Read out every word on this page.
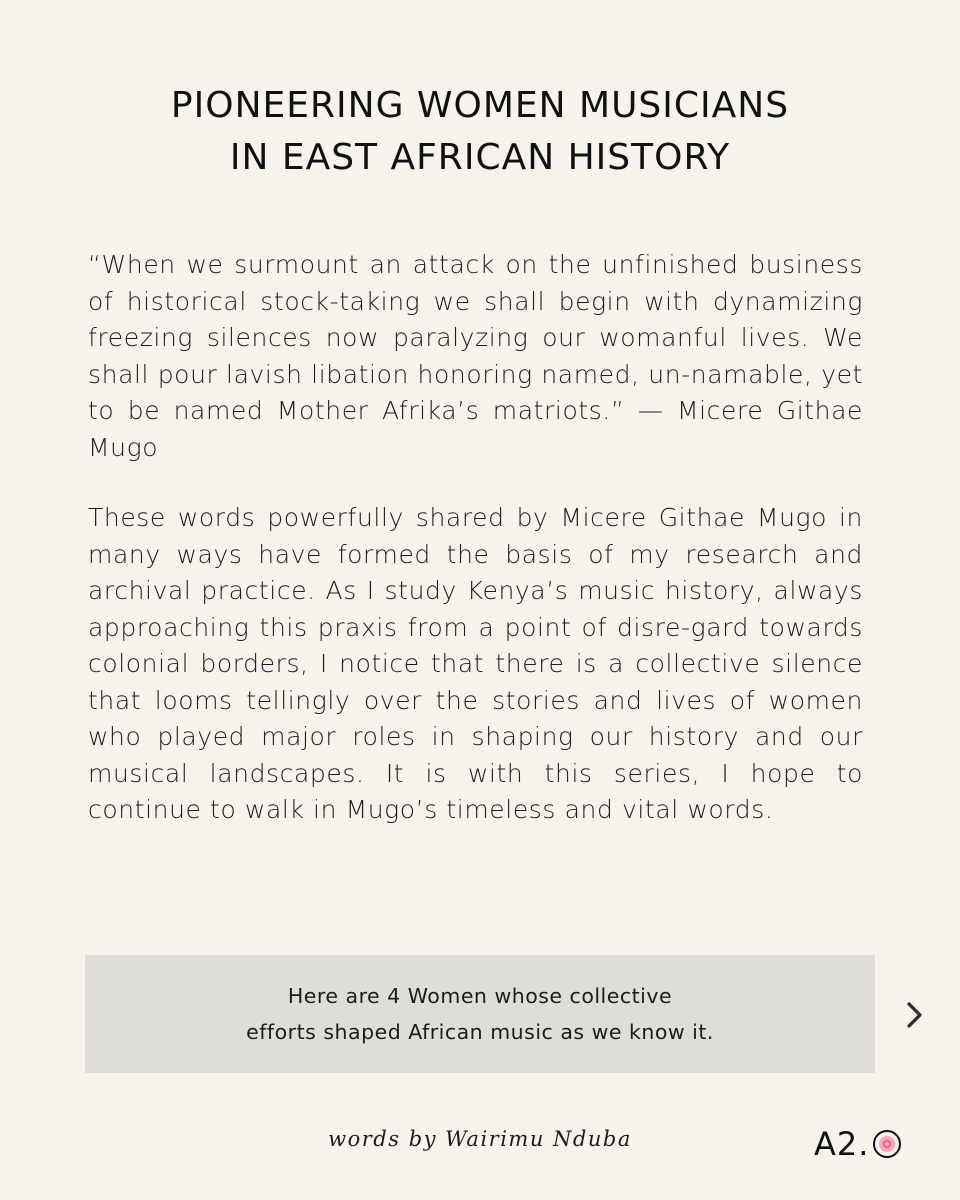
PIONEERING WOMEN MUSICIANS
IN EAST AFRICAN HISTORY
“When we surmount an attack on the unfinished business of historical stock-taking we shall begin with dynamizing freezing silences now paralyzing our womanful lives. We shall pour lavish libation honoring named, un-namable, yet to be named Mother Afrika’s matriots.” — Micere Githae Mugo
These words powerfully shared by Micere Githae Mugo in many ways have formed the basis of my research and archival practice. As I study Kenya’s music history, always approaching this praxis from a point of disre-gard towards colonial borders, I notice that there is a collective silence that looms tellingly over the stories and lives of women who played major roles in shaping our history and our musical landscapes. It is with this series, I hope to continue to walk in Mugo’s timeless and vital words.
Here are 4 Women whose collective
efforts shaped African music as we know it.
words by Wairimu Nduba	A2.
